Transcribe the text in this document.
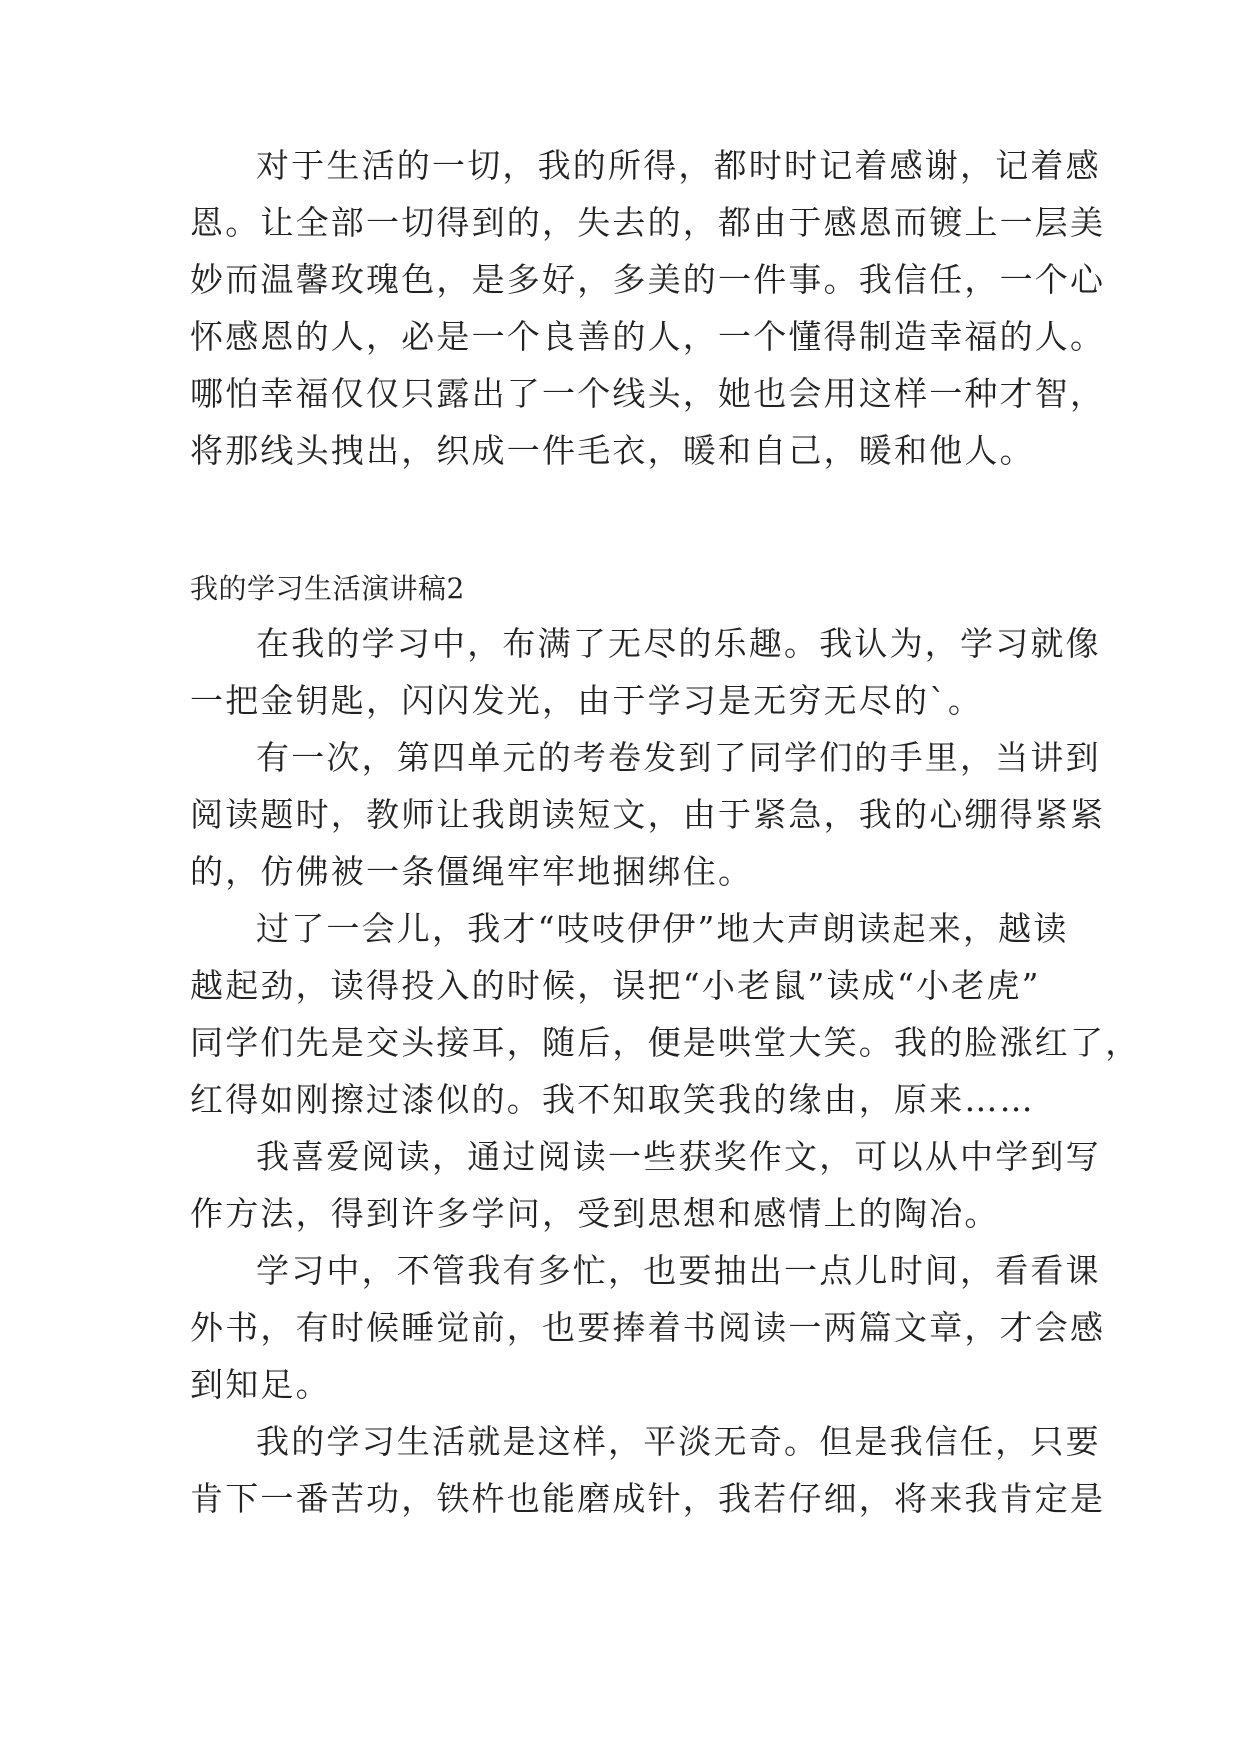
对于生活的一切，我的所得，都时时记着感谢，记着感
恩。让全部一切得到的，失去的，都由于感恩而镀上一层美
妙而温馨玫瑰色，是多好，多美的一件事。我信任，一个心
怀感恩的人，必是一个良善的人，一个懂得制造幸福的人。
哪怕幸福仅仅只露出了一个线头，她也会用这样一种才智，
将那线头拽出，织成一件毛衣，暖和自己，暖和他人。
我的学习生活演讲稿2
在我的学习中，布满了无尽的乐趣。我认为，学习就像
一把金钥匙，闪闪发光，由于学习是无穷无尽的`。
有一次，第四单元的考卷发到了同学们的手里，当讲到
阅读题时，教师让我朗读短文，由于紧急，我的心绷得紧紧
的，仿佛被一条僵绳牢牢地捆绑住。
过了一会儿，我才“吱吱伊伊”地大声朗读起来，越读
越起劲，读得投入的时候，误把“小老鼠”读成“小老虎”
同学们先是交头接耳，随后，便是哄堂大笑。我的脸涨红了，
红得如刚擦过漆似的。我不知取笑我的缘由，原来……
我喜爱阅读，通过阅读一些获奖作文，可以从中学到写
作方法，得到许多学问，受到思想和感情上的陶冶。
学习中，不管我有多忙，也要抽出一点儿时间，看看课
外书，有时候睡觉前，也要捧着书阅读一两篇文章，才会感
到知足。
我的学习生活就是这样，平淡无奇。但是我信任，只要
肯下一番苦功，铁杵也能磨成针，我若仔细，将来我肯定是
